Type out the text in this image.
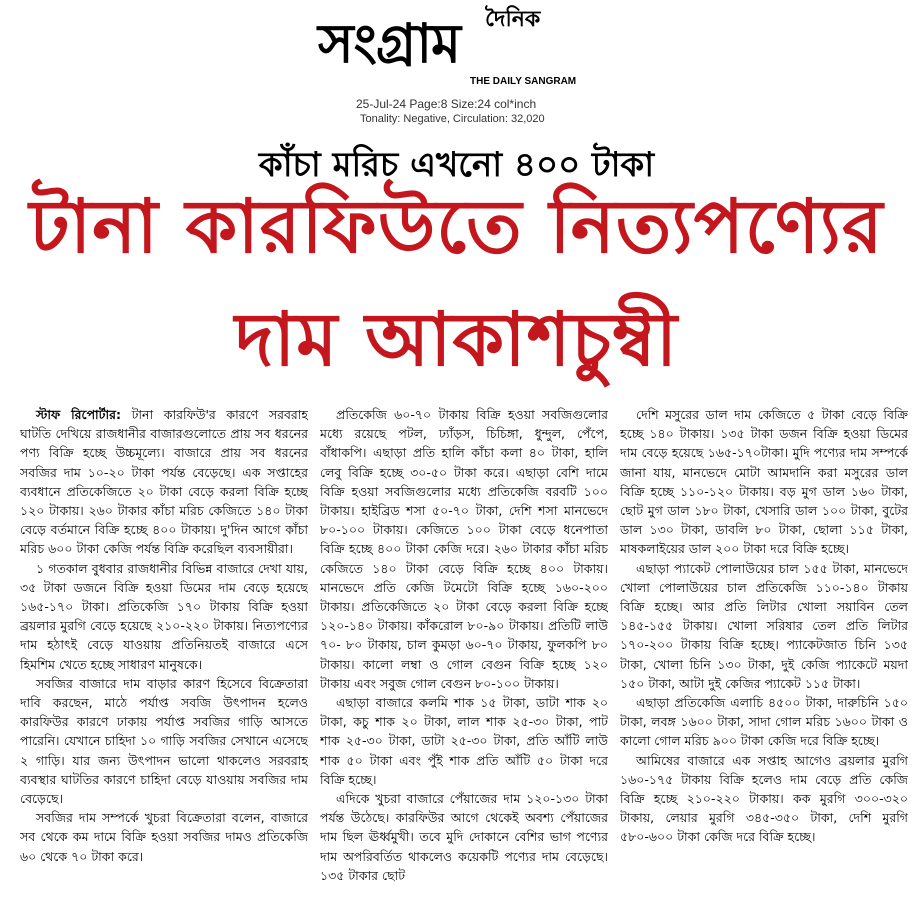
দৈনিক
সংগ্রাম
THE DAILY SANGRAM
25-Jul-24 Page:8 Size:24 col*inch
Tonality: Negative, Circulation: 32,020
কাঁচা মরিচ এখনো ৪০০ টাকা
টানা কারফিউতে নিত্যপণ্যের
দাম আকাশচুম্বী

স্টাফ রিপোর্টার: টানা কারফিউ'র কারণে সরবরাহ ঘাটতি দেখিয়ে রাজধানীর বাজারগুলোতে প্রায় সব ধরনের পণ্য বিক্রি হচ্ছে উচ্চমূল্যে। বাজারে প্রায় সব ধরনের সবজির দাম ১০-২০ টাকা পর্যন্ত বেড়েছে। এক সপ্তাহের ব্যবধানে প্রতিকেজিতে ২০ টাকা বেড়ে করলা বিক্রি হচ্ছে ১২০ টাকায়। ২৬০ টাকার কাঁচা মরিচ কেজিতে ১৪০ টাকা বেড়ে বর্তমানে বিক্রি হচ্ছে ৪০০ টাকায়। দু'দিন আগে কাঁচা মরিচ ৬০০ টাকা কেজি পর্যন্ত বিক্রি করেছিল ব্যবসায়ীরা।

১ গতকাল বুধবার রাজধানীর বিভিন্ন বাজারে দেখা যায়, ৩৫ টাকা ডজনে বিক্রি হওয়া ডিমের দাম বেড়ে হয়েছে ১৬৫-১৭০ টাকা। প্রতিকেজি ১৭০ টাকায় বিক্রি হওয়া ব্রয়লার মুরগি বেড়ে হয়েছে ২১০-২২০ টাকায়। নিত্যপণ্যের দাম হঠাৎই বেড়ে যাওয়ায় প্রতিনিয়তই বাজারে এসে হিমশিম খেতে হচ্ছে সাধারণ মানুষকে।

সবজির বাজারে দাম বাড়ার কারণ হিসেবে বিক্রেতারা দাবি করছেন, মাঠে পর্যাপ্ত সবজি উৎপাদন হলেও কারফিউর কারণে ঢাকায় পর্যাপ্ত সবজির গাড়ি আসতে পারেনি। যেখানে চাহিদা ১০ গাড়ি সবজির সেখানে এসেছে ২ গাড়ি। যার জন্য উৎপাদন ভালো থাকলেও সরবরাহ ব্যবস্থার ঘাটতির কারণে চাহিদা বেড়ে যাওয়ায় সবজির দাম বেড়েছে।

সবজির দাম সম্পর্কে খুচরা বিক্রেতারা বলেন, বাজারে সব থেকে কম দামে বিক্রি হওয়া সবজির দামও প্রতিকেজি ৬০ থেকে ৭০ টাকা করে।

প্রতিকেজি ৬০-৭০ টাকায় বিক্রি হওয়া সবজিগুলোর মধ্যে রয়েছে পটল, ঢ্যাঁড়স, চিচিঙ্গা, ধুন্দুল, পেঁপে, বাঁধাকপি। এছাড়া প্রতি হালি কাঁচা কলা ৪০ টাকা, হালি লেবু বিক্রি হচ্ছে ৩০-৫০ টাকা করে। এছাড়া বেশি দামে বিক্রি হওয়া সবজিগুলোর মধ্যে প্রতিকেজি বরবটি ১০০ টাকায়। হাইব্রিড শসা ৫০-৭০ টাকা, দেশি শসা মানভেদে ৮০-১০০ টাকায়। কেজিতে ১০০ টাকা বেড়ে ধনেপাতা বিক্রি হচ্ছে ৪০০ টাকা কেজি দরে। ২৬০ টাকার কাঁচা মরিচ কেজিতে ১৪০ টাকা বেড়ে বিক্রি হচ্ছে ৪০০ টাকায়। মানভেদে প্রতি কেজি টমেটো বিক্রি হচ্ছে ১৬০-২০০ টাকায়। প্রতিকেজিতে ২০ টাকা বেড়ে করলা বিক্রি হচ্ছে ১২০-১৪০ টাকায়। কাঁকরোল ৮০-৯০ টাকায়। প্রতিটি লাউ ৭০- ৮০ টাকায়, চাল কুমড়া ৬০-৭০ টাকায়, ফুলকপি ৮০ টাকায়। কালো লম্বা ও গোল বেগুন বিক্রি হচ্ছে ১২০ টাকায় এবং সবুজ গোল বেগুন ৮০-১০০ টাকায়।

এছাড়া বাজারে কলমি শাক ১৫ টাকা, ডাটা শাক ২০ টাকা, কচু শাক ২০ টাকা, লাল শাক ২৫-৩০ টাকা, পাট শাক ২৫-৩০ টাকা, ডাটা ২৫-৩০ টাকা, প্রতি আঁটি লাউ শাক ৫০ টাকা এবং পুঁই শাক প্রতি আঁটি ৫০ টাকা দরে বিক্রি হচ্ছে।

এদিকে খুচরা বাজারে পেঁয়াজের দাম ১২০-১৩০ টাকা পর্যন্ত উঠেছে। কারফিউর আগে থেকেই অবশ্য পেঁয়াজের দাম ছিল ঊর্ধ্বমুখী। তবে মুদি দোকানে বেশির ভাগ পণ্যের দাম অপরিবর্তিত থাকলেও কয়েকটি পণ্যের দাম বেড়েছে। ১৩৫ টাকার ছোট

দেশি মসুরের ডাল দাম কেজিতে ৫ টাকা বেড়ে বিক্রি হচ্ছে ১৪০ টাকায়। ১৩৫ টাকা ডজন বিক্রি হওয়া ডিমের দাম বেড়ে হয়েছে ১৬৫-১৭০টাকা। মুদি পণ্যের দাম সম্পর্কে জানা যায়, মানভেদে মোটা আমদানি করা মসুরের ডাল বিক্রি হচ্ছে ১১০-১২০ টাকায়। বড় মুগ ডাল ১৬০ টাকা, ছোট মুগ ডাল ১৮০ টাকা, খেসারি ডাল ১০০ টাকা, বুটের ডাল ১৩০ টাকা, ডাবলি ৮০ টাকা, ছোলা ১১৫ টাকা, মাষকলাইয়ের ডাল ২০০ টাকা দরে বিক্রি হচ্ছে।

এছাড়া প্যাকেট পোলাউয়ের চাল ১৫৫ টাকা, মানভেদে খোলা পোলাউয়ের চাল প্রতিকেজি ১১০-১৪০ টাকায় বিক্রি হচ্ছে। আর প্রতি লিটার খোলা সয়াবিন তেল ১৪৫-১৫৫ টাকায়। খোলা সরিষার তেল প্রতি লিটার ১৭০-২০০ টাকায় বিক্রি হচ্ছে। প্যাকেটজাত চিনি ১৩৫ টাকা, খোলা চিনি ১৩০ টাকা, দুই কেজি প্যাকেটে ময়দা ১৫০ টাকা, আটা দুই কেজির প্যাকেট ১১৫ টাকা।

এছাড়া প্রতিকেজি এলাচি ৪৫০০ টাকা, দারুচিনি ১৫০ টাকা, লবঙ্গ ১৬০০ টাকা, সাদা গোল মরিচ ১৬০০ টাকা ও কালো গোল মরিচ ৯০০ টাকা কেজি দরে বিক্রি হচ্ছে।

আমিষের বাজারে এক সপ্তাহ আগেও ব্রয়লার মুরগি ১৬০-১৭৫ টাকায় বিক্রি হলেও দাম বেড়ে প্রতি কেজি বিক্রি হচ্ছে ২১০-২২০ টাকায়। কক মুরগি ৩০০-৩২০ টাকায়, লেয়ার মুরগি ৩৪৫-৩৫০ টাকা, দেশি মুরগি ৫৮০-৬০০ টাকা কেজি দরে বিক্রি হচ্ছে।
